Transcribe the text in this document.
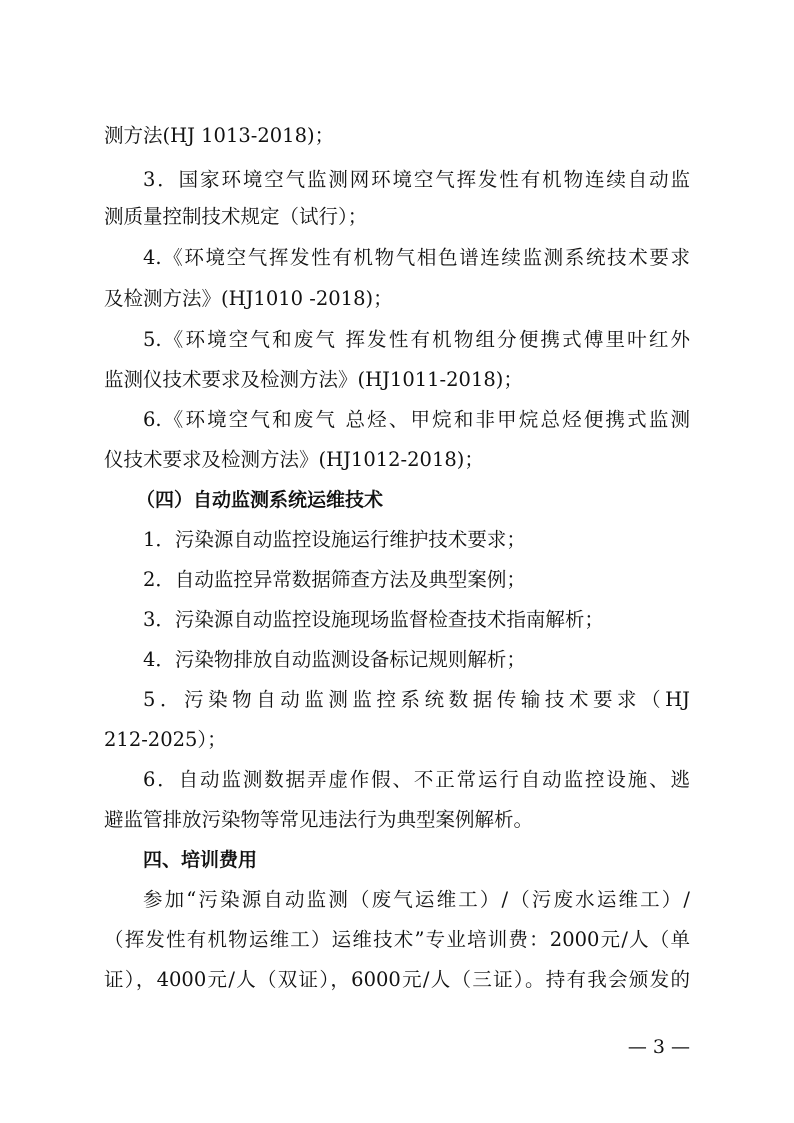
测方法(HJ 1013-2018)；
3．国家环境空气监测网环境空气挥发性有机物连续自动监
测质量控制技术规定（试行）；
4.《环境空气挥发性有机物气相色谱连续监测系统技术要求
及检测方法》(HJ1010 -2018)；
5.《环境空气和废气 挥发性有机物组分便携式傅里叶红外
监测仪技术要求及检测方法》(HJ1011-2018)；
6.《环境空气和废气 总烃、甲烷和非甲烷总烃便携式监测
仪技术要求及检测方法》(HJ1012-2018)；
（四）自动监测系统运维技术
1．污染源自动监控设施运行维护技术要求；
2．自动监控异常数据筛查方法及典型案例；
3．污染源自动监控设施现场监督检查技术指南解析；
4．污染物排放自动监测设备标记规则解析；
5．污染物自动监测监控系统数据传输技术要求（HJ
212-2025）；
6．自动监测数据弄虚作假、不正常运行自动监控设施、逃
避监管排放污染物等常见违法行为典型案例解析。
四、培训费用
参加“污染源自动监测（废气运维工）/（污废水运维工）/
（挥发性有机物运维工）运维技术”专业培训费：2000元/人（单
证），4000元/人（双证），6000元/人（三证）。持有我会颁发的
— 3 —
